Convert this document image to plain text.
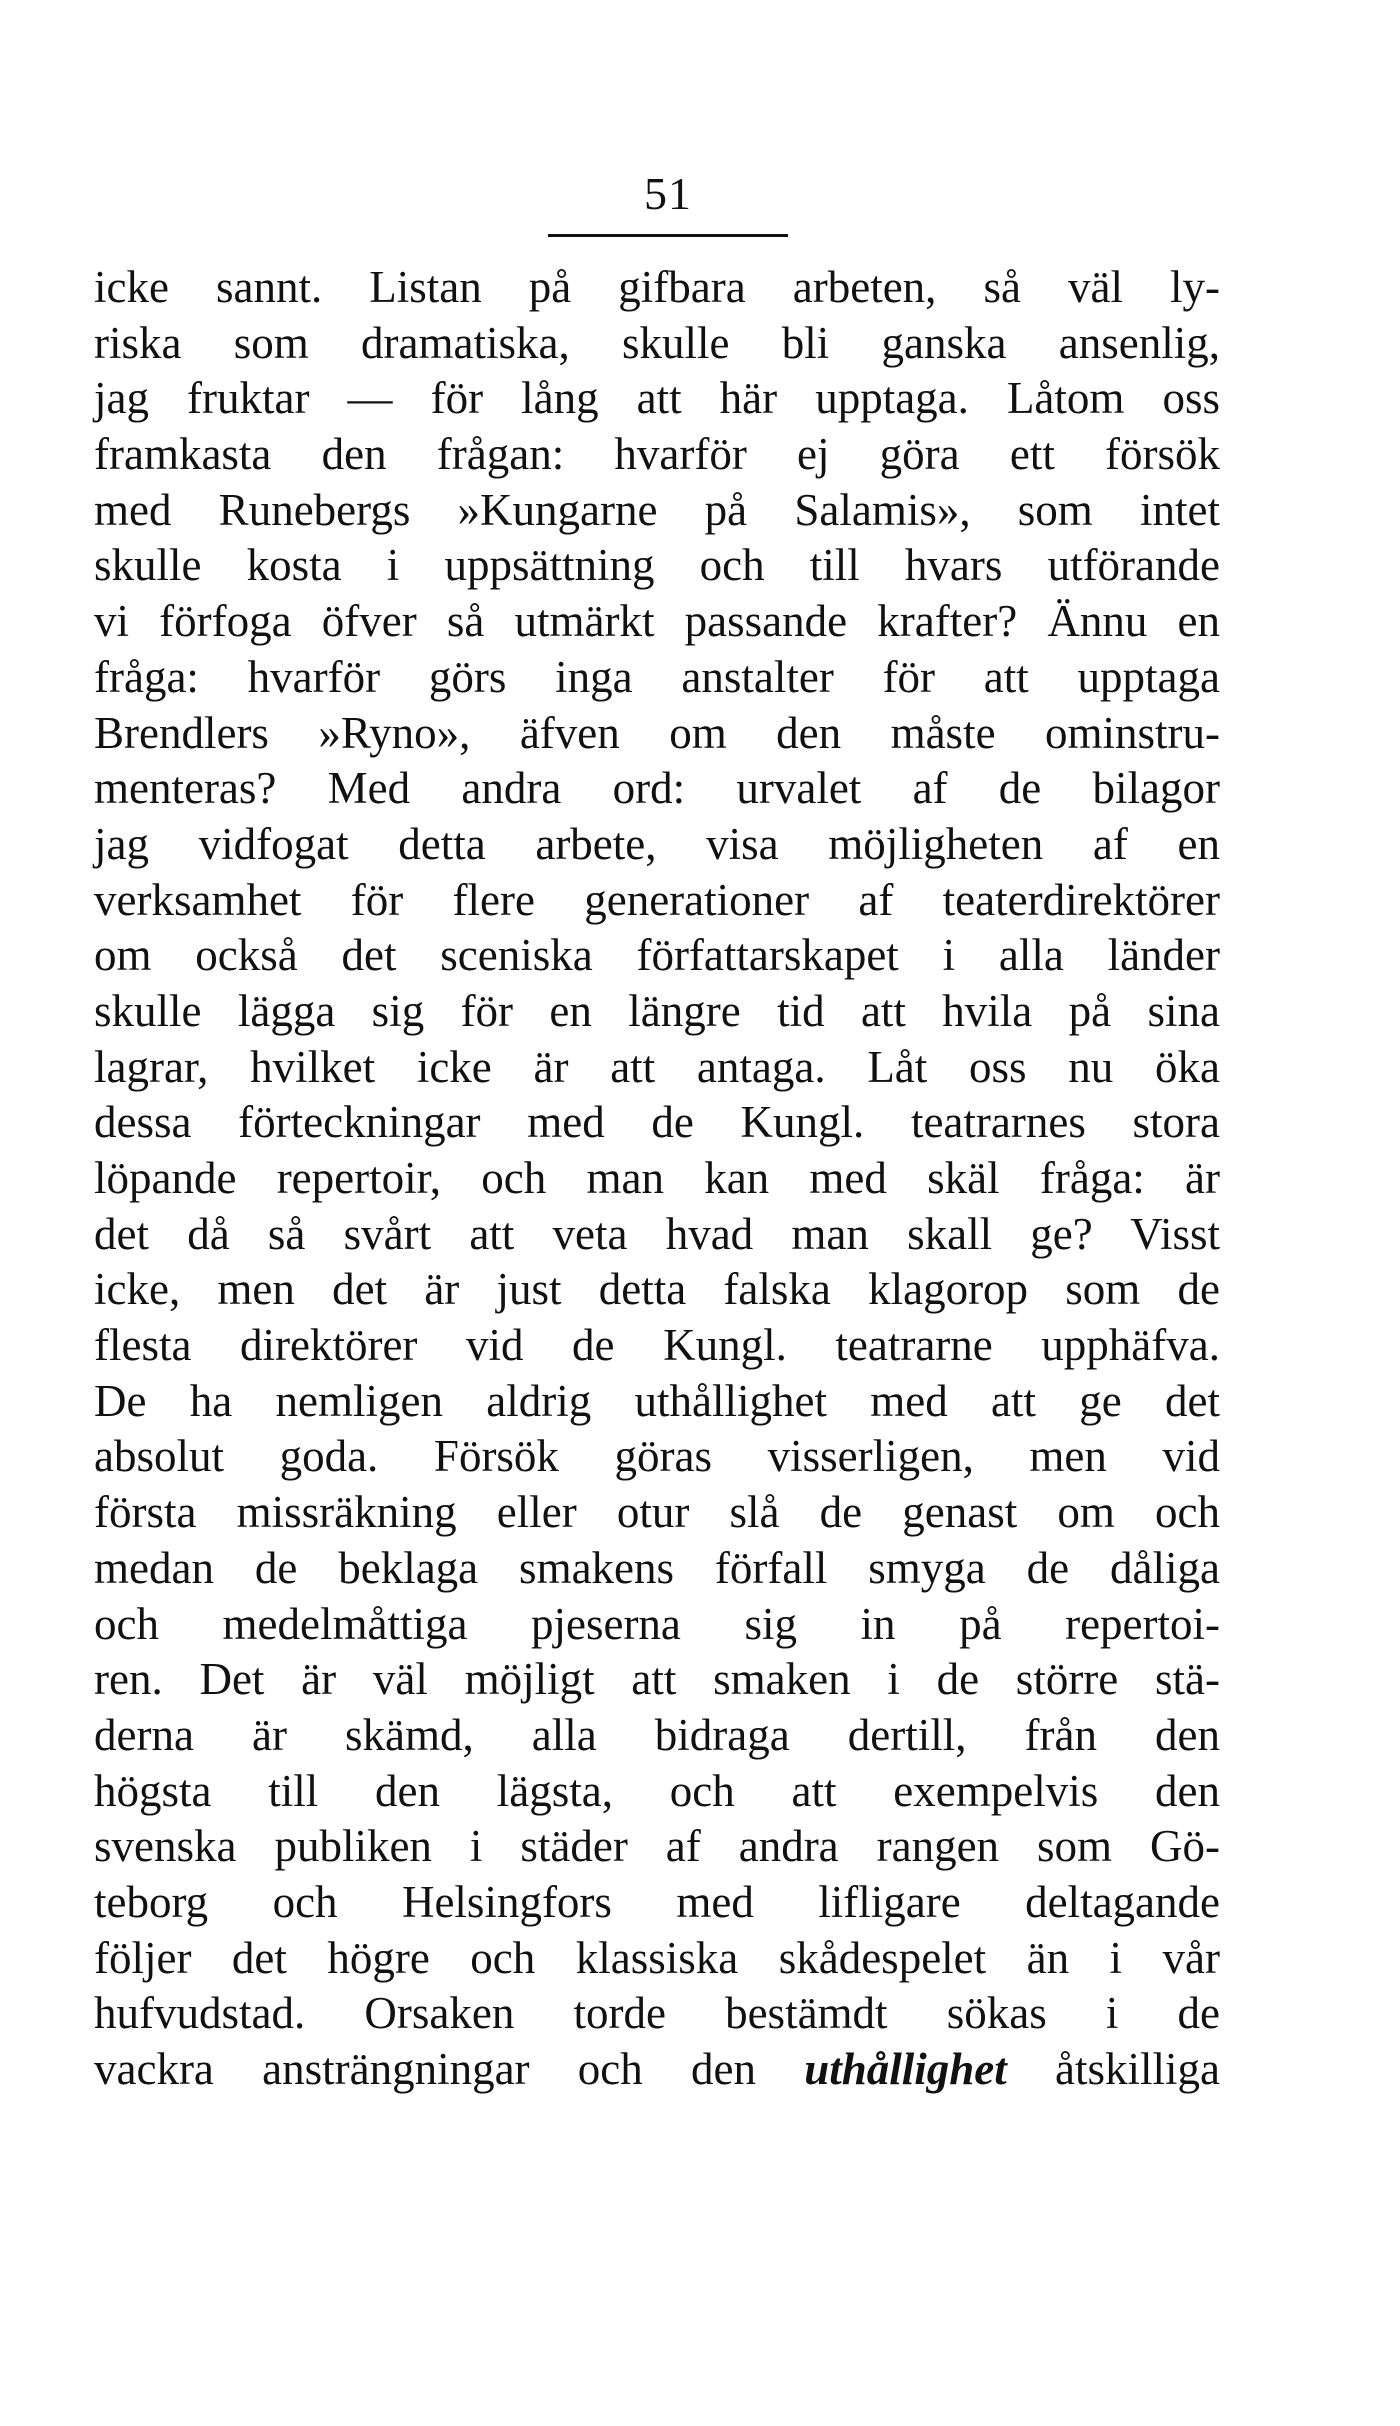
51
icke sannt. Listan på gifbara arbeten, så väl ly-
riska som dramatiska, skulle bli ganska ansenlig,
jag fruktar — för lång att här upptaga. Låtom oss
framkasta den frågan: hvarför ej göra ett försök
med Runebergs »Kungarne på Salamis», som intet
skulle kosta i uppsättning och till hvars utförande
vi förfoga öfver så utmärkt passande krafter? Ännu en
fråga: hvarför görs inga anstalter för att upptaga
Brendlers »Ryno», äfven om den måste ominstru-
menteras? Med andra ord: urvalet af de bilagor
jag vidfogat detta arbete, visa möjligheten af en
verksamhet för flere generationer af teaterdirektörer
om också det sceniska författarskapet i alla länder
skulle lägga sig för en längre tid att hvila på sina
lagrar, hvilket icke är att antaga. Låt oss nu öka
dessa förteckningar med de Kungl. teatrarnes stora
löpande repertoir, och man kan med skäl fråga: är
det då så svårt att veta hvad man skall ge? Visst
icke, men det är just detta falska klagorop som de
flesta direktörer vid de Kungl. teatrarne upphäfva.
De ha nemligen aldrig uthållighet med att ge det
absolut goda. Försök göras visserligen, men vid
första missräkning eller otur slå de genast om och
medan de beklaga smakens förfall smyga de dåliga
och medelmåttiga pjeserna sig in på repertoi-
ren. Det är väl möjligt att smaken i de större stä-
derna är skämd, alla bidraga dertill, från den
högsta till den lägsta, och att exempelvis den
svenska publiken i städer af andra rangen som Gö-
teborg och Helsingfors med lifligare deltagande
följer det högre och klassiska skådespelet än i vår
hufvudstad. Orsaken torde bestämdt sökas i de
vackra ansträngningar och den uthållighet åtskilliga
